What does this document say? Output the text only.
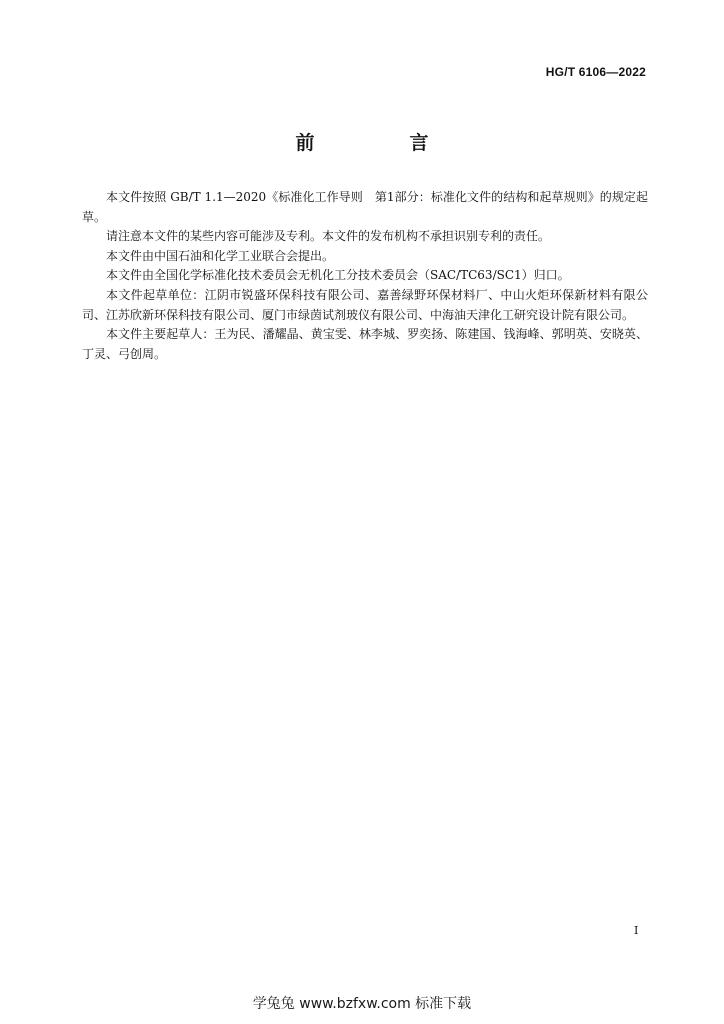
HG/T 6106—2022
前　言

本文件按照 GB/T 1.1—2020《标准化工作导则　第1部分：标准化文件的结构和起草规则》的规定起草。

请注意本文件的某些内容可能涉及专利。本文件的发布机构不承担识别专利的责任。

本文件由中国石油和化学工业联合会提出。

本文件由全国化学标准化技术委员会无机化工分技术委员会（SAC/TC63/SC1）归口。

本文件起草单位：江阴市锐盛环保科技有限公司、嘉善绿野环保材料厂、中山火炬环保新材料有限公司、江苏欣新环保科技有限公司、厦门市绿茵试剂玻仪有限公司、中海油天津化工研究设计院有限公司。

本文件主要起草人：王为民、潘耀晶、黄宝雯、林李城、罗奕扬、陈建国、钱海峰、郭明英、安晓英、丁灵、弓创周。

I
学兔兔 www.bzfxw.com 标准下载
